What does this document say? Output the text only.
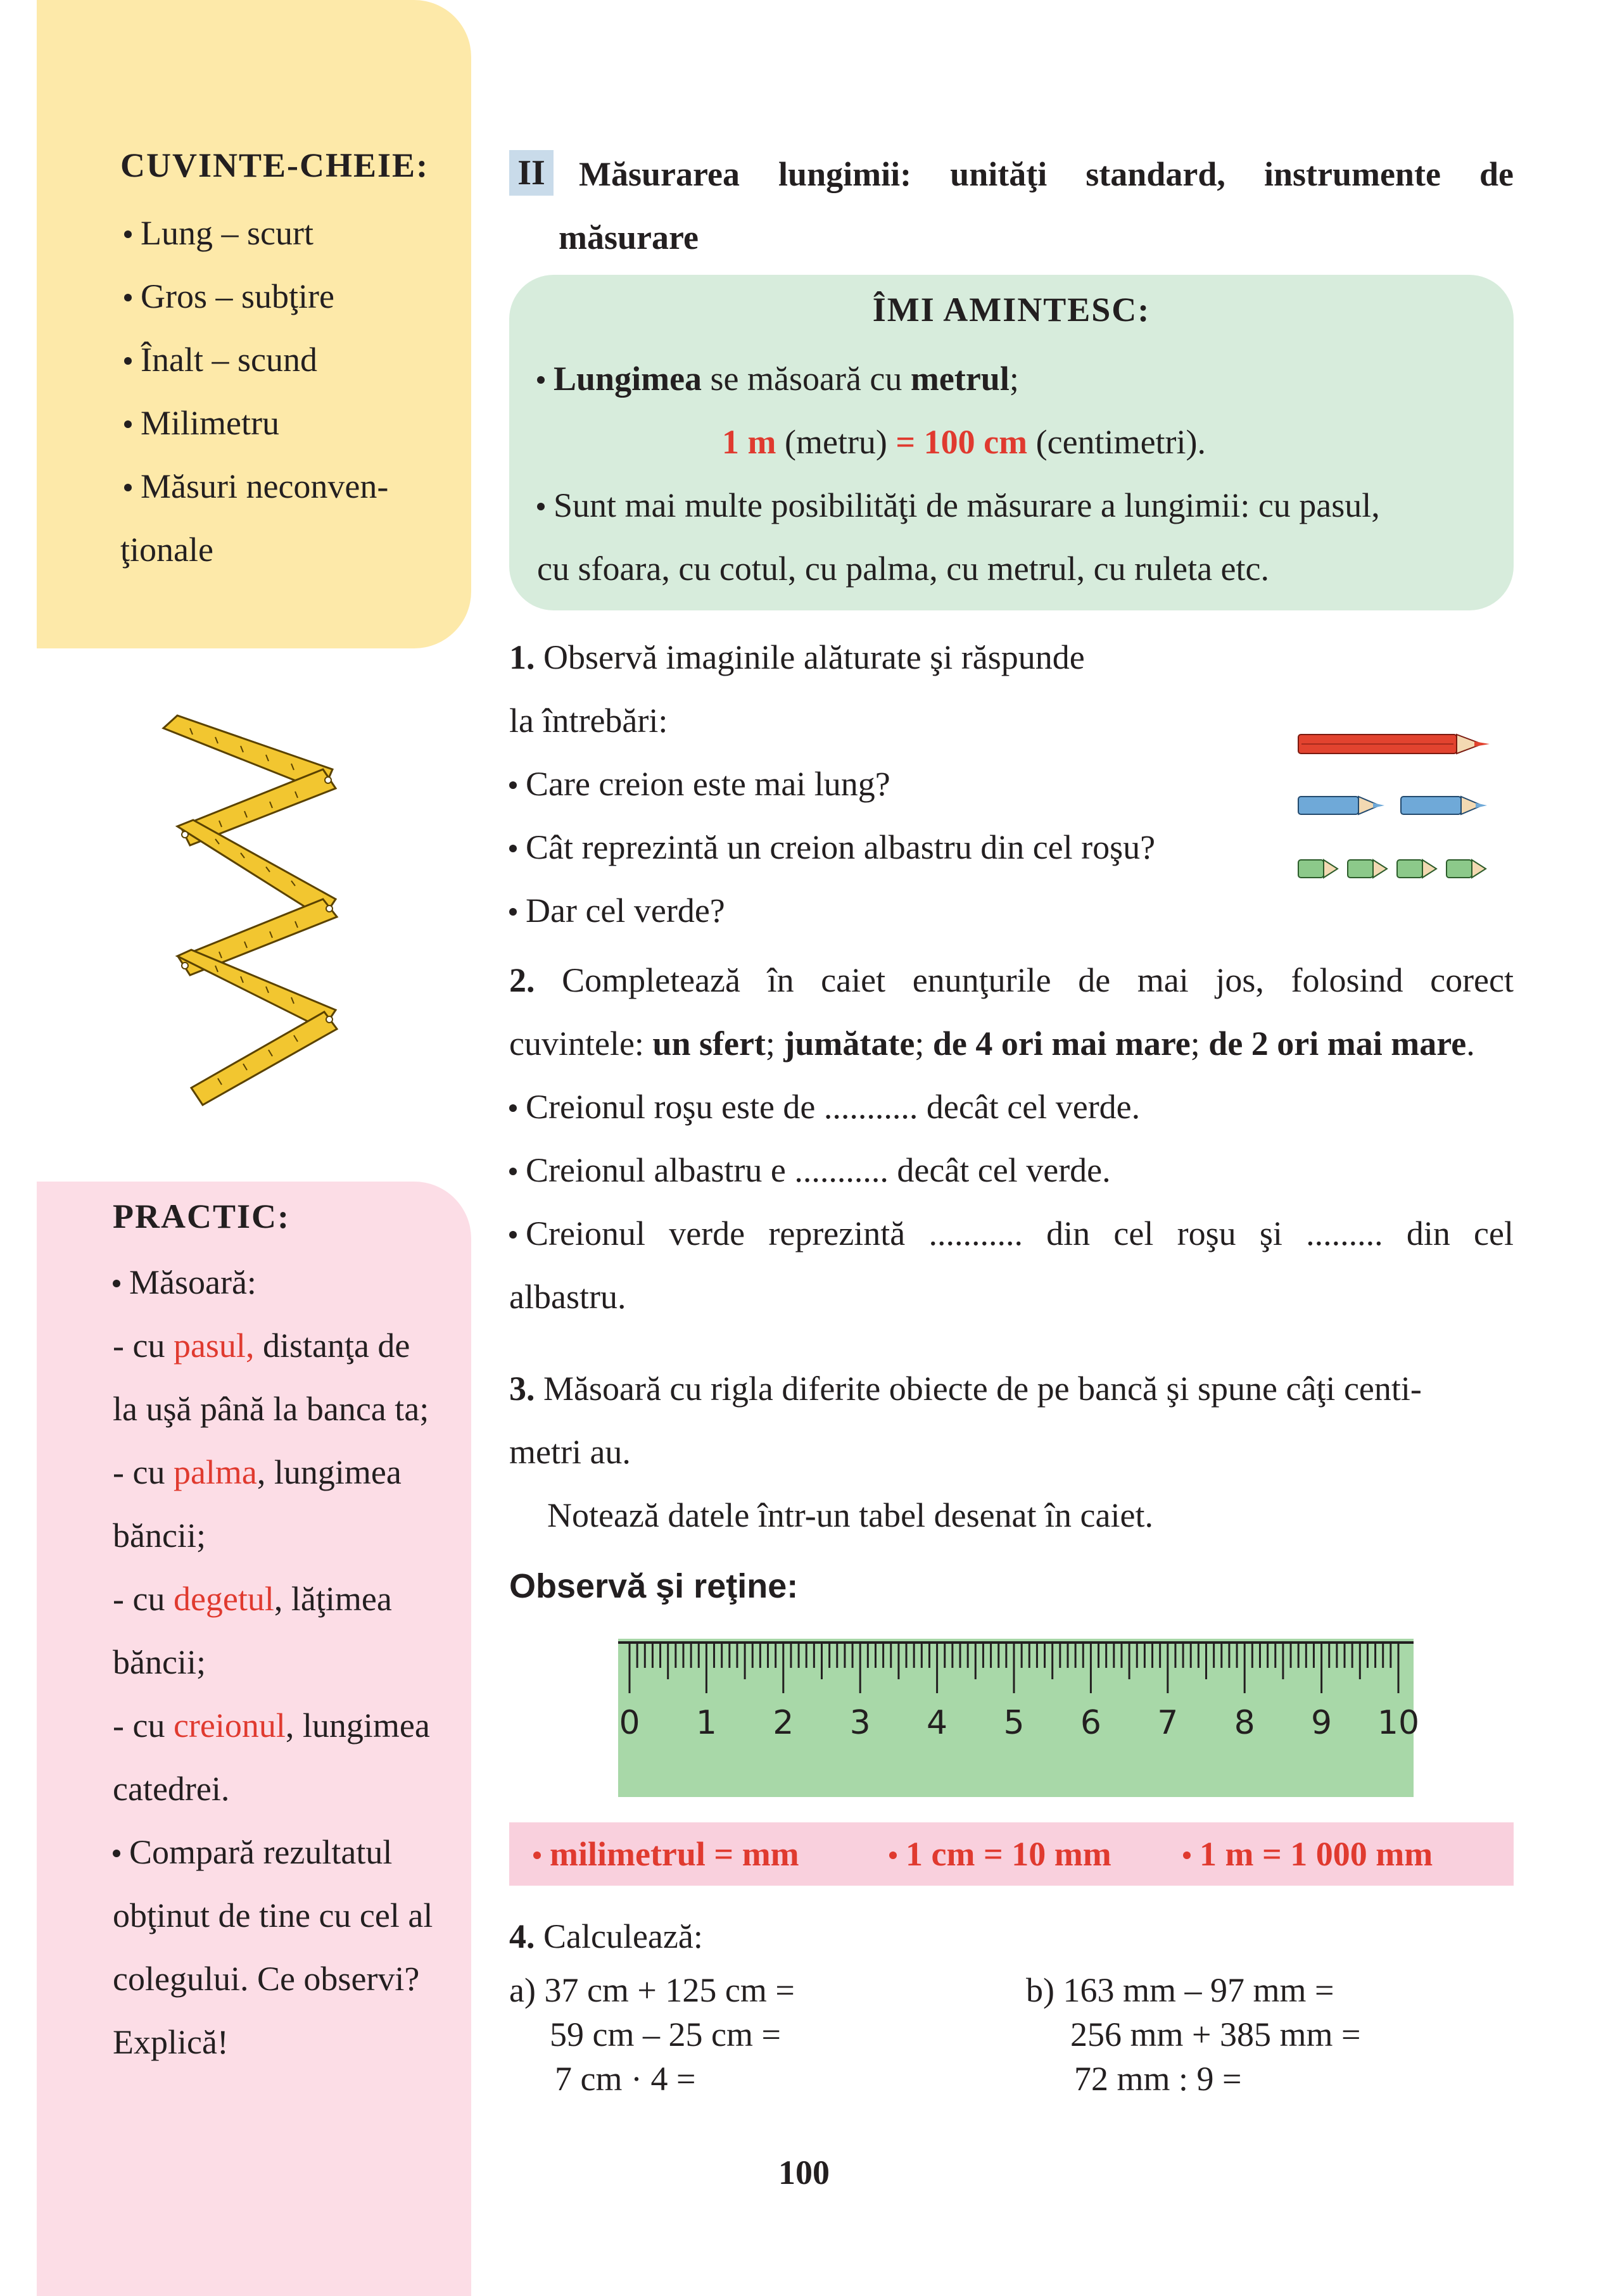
CUVINTE-CHEIE:
Lung – scurt
Gros – subţire
Înalt – scund
Milimetru
Măsuri neconven-
ţionale
PRACTIC:
Măsoară:
- cu pasul, distanţa de
la uşă până la banca ta;
- cu palma, lungimea
băncii;
- cu degetul, lăţimea
băncii;
- cu creionul, lungimea
catedrei.
Compară rezultatul
obţinut de tine cu cel al
colegului. Ce observi?
Explică!
II Măsurarea lungimii: unităţi standard, instrumente de
măsurare
ÎMI AMINTESC:
Lungimea se măsoară cu metrul;
1 m (metru) = 100 cm (centimetri).
Sunt mai multe posibilităţi de măsurare a lungimii: cu pasul,
cu sfoara, cu cotul, cu palma, cu metrul, cu ruleta etc.
1. Observă imaginile alăturate şi răspunde
la întrebări:
Care creion este mai lung?
Cât reprezintă un creion albastru din cel roşu?
Dar cel verde?
2. Completează în caiet enunţurile de mai jos, folosind corect
cuvintele: un sfert; jumătate; de 4 ori mai mare; de 2 ori mai mare.
Creionul roşu este de ........... decât cel verde.
Creionul albastru e ........... decât cel verde.
Creionul verde reprezintă ........... din cel roşu şi ......... din cel
albastru.
3. Măsoară cu rigla diferite obiecte de pe bancă şi spune câţi centi-
metri au.
Notează datele într-un tabel desenat în caiet.
Observă şi reţine:
0 1 2 3 4 5 6 7 8 9 10
milimetrul = mm	1 cm = 10 mm	1 m = 1 000 mm
4. Calculează:
a) 37 cm + 125 cm =
59 cm – 25 cm =
7 cm · 4 =
b) 163 mm – 97 mm =
256 mm + 385 mm =
72 mm : 9 =
100
